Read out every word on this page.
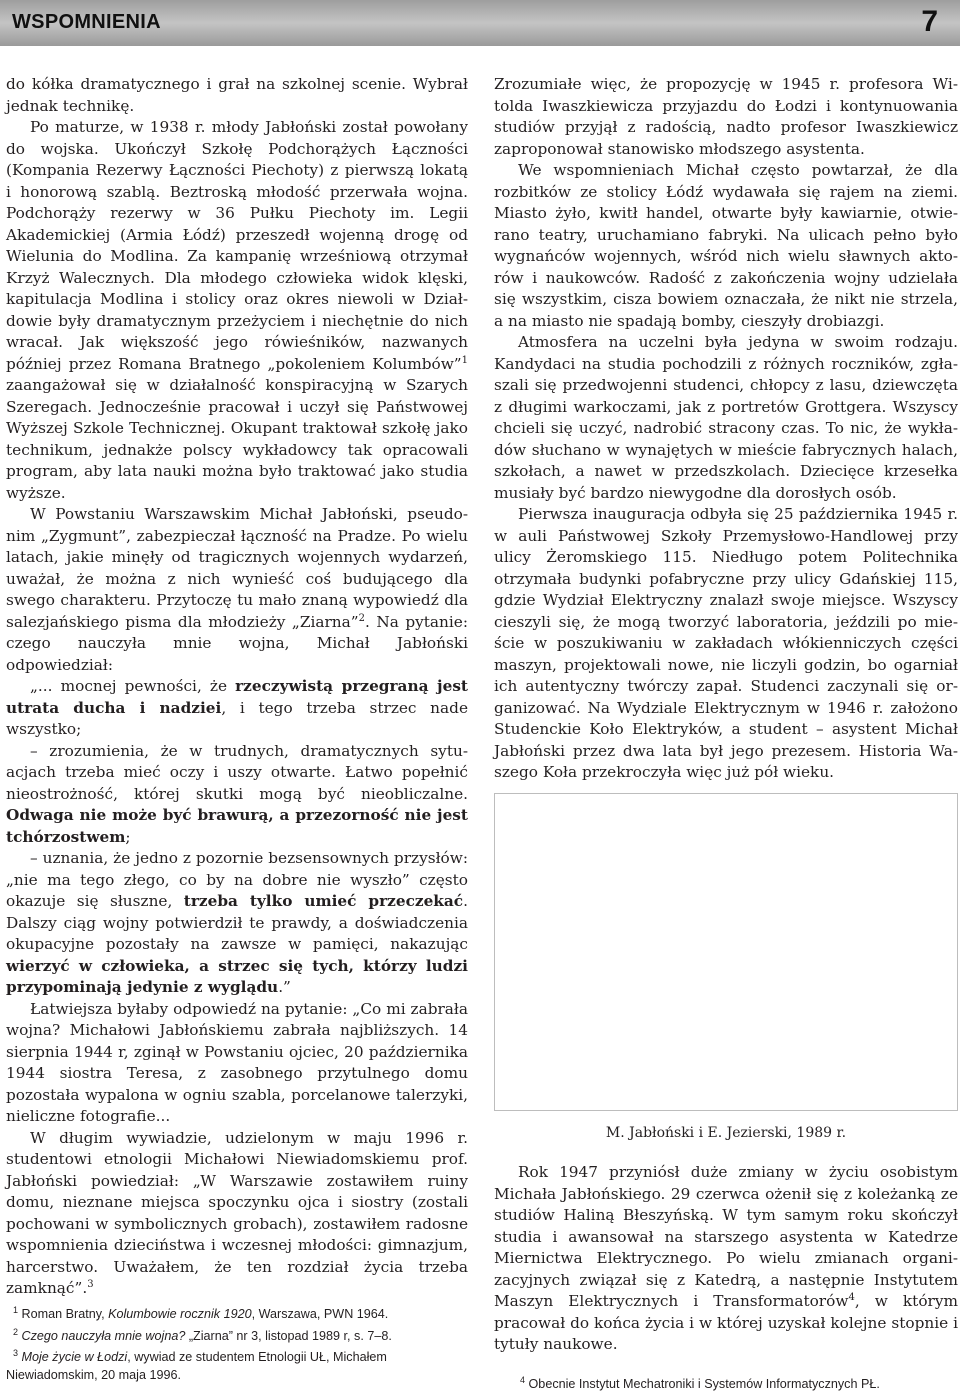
WSPOMNIENIA	7

do kółka dramatycznego i grał na szkolnej scenie. Wybrał jednak technikę.

Po maturze, w 1938 r. młody Jabłoński został powołany do wojska. Ukończył Szkołę Podchorążych Łączności (Kompania Rezerwy Łączności Piechoty) z pierwszą lokatą i honorową szablą. Beztroską młodość przerwała wojna. Podchorąży rezerwy w 36 Pułku Piechoty im. Legii Akademickiej (Armia Łódź) przeszedł wojenną drogę od Wielunia do Modlina. Za kampanię wrześniową otrzymał Krzyż Walecznych. Dla młodego człowieka widok klęski, kapitulacja Modlina i stolicy oraz okres niewoli w Działdowie były dramatycznym przeżyciem i niechętnie do nich wracał. Jak większość jego rówieśników, nazwanych później przez Romana Bratnego „pokoleniem Kolumbów”$^1$ zaangażował się w działalność konspiracyjną w Szarych Szeregach. Jednocześnie pracował i uczył się Państwowej Wyższej Szkole Technicznej. Okupant traktował szkołę jako technikum, jednakże polscy wykładowcy tak opracowali program, aby lata nauki można było traktować jako studia wyższe.

W Powstaniu Warszawskim Michał Jabłoński, pseudonim „Zygmunt”, zabezpieczał łączność na Pradze. Po wielu latach, jakie minęły od tragicznych wojennych wydarzeń, uważał, że można z nich wynieść coś budującego dla swego charakteru. Przytoczę tu mało znaną wypowiedź dla salezjańskiego pisma dla młodzieży „Ziarna”$^2$. Na pytanie: czego nauczyła mnie wojna, Michał Jabłoński odpowiedział:

„... mocnej pewności, że rzeczywistą przegraną jest utrata ducha i nadziei, i tego trzeba strzec nade wszystko;

– zrozumienia, że w trudnych, dramatycznych sytuacjach trzeba mieć oczy i uszy otwarte. Łatwo popełnić nieostrożność, której skutki mogą być nieobliczalne. Odwaga nie może być brawurą, a przezorność nie jest tchórzostwem;

– uznania, że jedno z pozornie bezsensownych przysłów: „nie ma tego złego, co by na dobre nie wyszło” często okazuje się słuszne, trzeba tylko umieć przeczekać. Dalszy ciąg wojny potwierdził te prawdy, a doświadczenia okupacyjne pozostały na zawsze w pamięci, nakazując wierzyć w człowieka, a strzec się tych, którzy ludzi przypominają jedynie z wyglądu.”

Łatwiejsza byłaby odpowiedź na pytanie: „Co mi zabrała wojna? Michałowi Jabłońskiemu zabrała najbliższych. 14 sierpnia 1944 r, zginął w Powstaniu ojciec, 20 października 1944 siostra Teresa, z zasobnego przytulnego domu pozostała wypalona w ogniu szabla, porcelanowe talerzyki, nieliczne fotografie...

W długim wywiadzie, udzielonym w maju 1996 r. studentowi etnologii Michałowi Niewiadomskiemu prof. Jabłoński powiedział: „W Warszawie zostawiłem ruiny domu, nieznane miejsca spoczynku ojca i siostry (zostali pochowani w symbolicznych grobach), zostawiłem radosne wspomnienia dzieciństwa i wczesnej młodości: gimnazjum, harcerstwo. Uważałem, że ten rozdział życia trzeba zamknąć”.$^3$

Zrozumiałe więc, że propozycję w 1945 r. profesora Witolda Iwaszkiewicza przyjazdu do Łodzi i kontynuowania studiów przyjął z radością, nadto profesor Iwaszkiewicz zaproponował stanowisko młodszego asystenta.

We wspomnieniach Michał często powtarzał, że dla rozbitków ze stolicy Łódź wydawała się rajem na ziemi. Miasto żyło, kwitł handel, otwarte były kawiarnie, otwierano teatry, uruchamiano fabryki. Na ulicach pełno było wygnańców wojennych, wśród nich wielu sławnych aktorów i naukowców. Radość z zakończenia wojny udzielała się wszystkim, cisza bowiem oznaczała, że nikt nie strzela, a na miasto nie spadają bomby, cieszyły drobiazgi.

Atmosfera na uczelni była jedyna w swoim rodzaju. Kandydaci na studia pochodzili z różnych roczników, zgłaszali się przedwojenni studenci, chłopcy z lasu, dziewczęta z długimi warkoczami, jak z portretów Grottgera. Wszyscy chcieli się uczyć, nadrobić stracony czas. To nic, że wykładów słuchano w wynajętych w mieście fabrycznych halach, szkołach, a nawet w przedszkolach. Dziecięce krzesełka musiały być bardzo niewygodne dla dorosłych osób.

Pierwsza inauguracja odbyła się 25 października 1945 r. w auli Państwowej Szkoły Przemysłowo-Handlowej przy ulicy Żeromskiego 115. Niedługo potem Politechnika otrzymała budynki pofabryczne przy ulicy Gdańskiej 115, gdzie Wydział Elektryczny znalazł swoje miejsce. Wszyscy cieszyli się, że mogą tworzyć laboratoria, jeździli po mieście w poszukiwaniu w zakładach włókienniczych części maszyn, projektowali nowe, nie liczyli godzin, bo ogarniał ich autentyczny twórczy zapał. Studenci zaczynali się organizować. Na Wydziale Elektrycznym w 1946 r. założono Studenckie Koło Elektryków, a student – asystent Michał Jabłoński przez dwa lata był jego prezesem. Historia Waszego Koła przekroczyła więc już pół wieku.

M. Jabłoński i E. Jezierski, 1989 r.

Rok 1947 przyniósł duże zmiany w życiu osobistym Michała Jabłońskiego. 29 czerwca ożenił się z koleżanką ze studiów Haliną Błeszyńską. W tym samym roku skończył studia i awansował na starszego asystenta w Katedrze Miernictwa Elektrycznego. Po wielu zmianach organizacyjnych związał się z Katedrą, a następnie Instytutem Maszyn Elektrycznych i Transformatorów$^4$, w którym pracował do końca życia i w której uzyskał kolejne stopnie i tytuły naukowe.

$^1$ Roman Bratny, Kolumbowie rocznik 1920, Warszawa, PWN 1964.

$^2$ Czego nauczyła mnie wojna? „Ziarna” nr 3, listopad 1989 r, s. 7–8.

$^3$ Moje życie w Łodzi, wywiad ze studentem Etnologii UŁ, Michałem Niewiadomskim, 20 maja 1996.	$^4$ Obecnie Instytut Mechatroniki i Systemów Informatycznych PŁ.
